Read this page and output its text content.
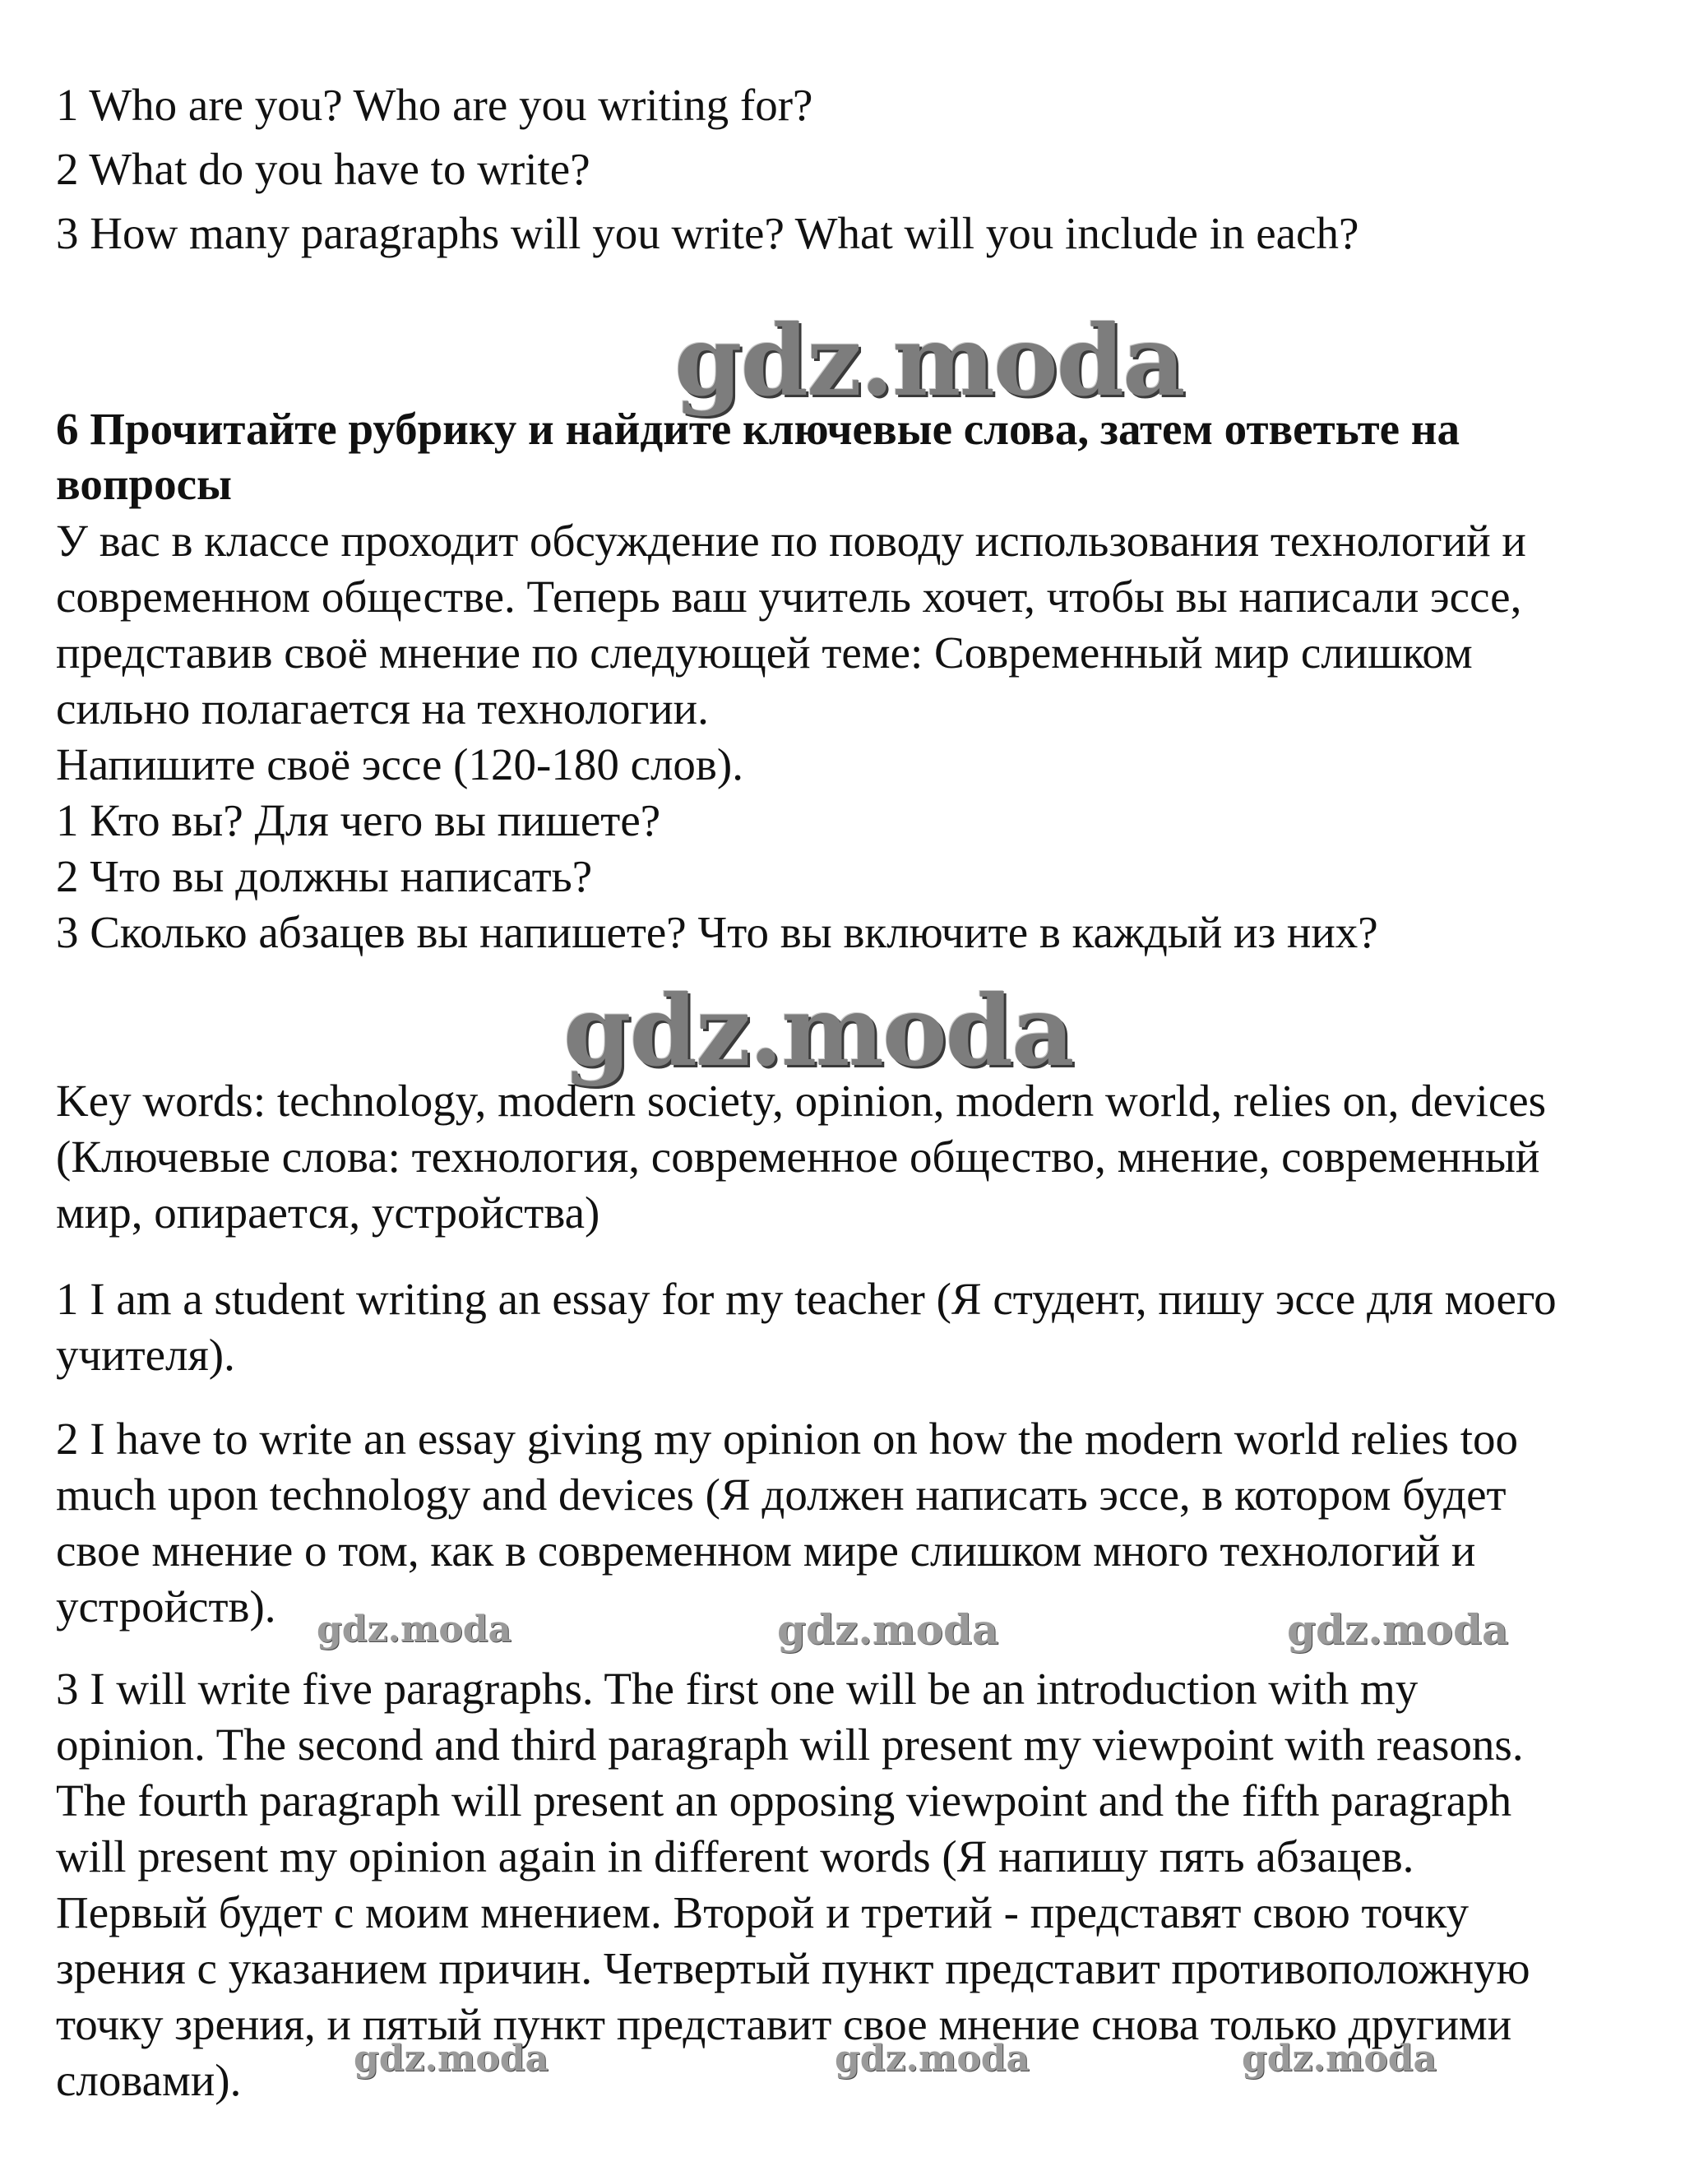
1 Who are you? Who are you writing for?

2 What do you have to write?

3 How many paragraphs will you write? What will you include in each?

gdz.moda

6 Прочитайте рубрику и найдите ключевые слова, затем ответьте на

вопросы

У вас в классе проходит обсуждение по поводу использования технологий и

современном обществе. Теперь ваш учитель хочет, чтобы вы написали эссе,

представив своё мнение по следующей теме: Современный мир слишком

сильно полагается на технологии.

Напишите своё эссе (120-180 слов).

1 Кто вы? Для чего вы пишете?

2 Что вы должны написать?

3 Сколько абзацев вы напишете? Что вы включите в каждый из них?

gdz.moda

Key words: technology, modern society, opinion, modern world, relies on, devices

(Ключевые слова: технология, современное общество, мнение, современный

мир, опирается, устройства)

1 I am a student writing an essay for my teacher (Я студент, пишу эссе для моего

учителя).

2 I have to write an essay giving my opinion on how the modern world relies too

much upon technology and devices (Я должен написать эссе, в котором будет

свое мнение о том, как в современном мире слишком много технологий и

устройств). gdz.moda	gdz.moda	gdz.moda

3 I will write five paragraphs. The first one will be an introduction with my

opinion. The second and third paragraph will present my viewpoint with reasons.

The fourth paragraph will present an opposing viewpoint and the fifth paragraph

will present my opinion again in different words (Я напишу пять абзацев.

Первый будет с моим мнением. Второй и третий - представят свою точку

зрения с указанием причин. Четвертый пункт представит противоположную

точку зрения, и пятый пункт представит свое мнение снова только другими

словами).	gdz.moda	gdz.moda	gdz.moda
